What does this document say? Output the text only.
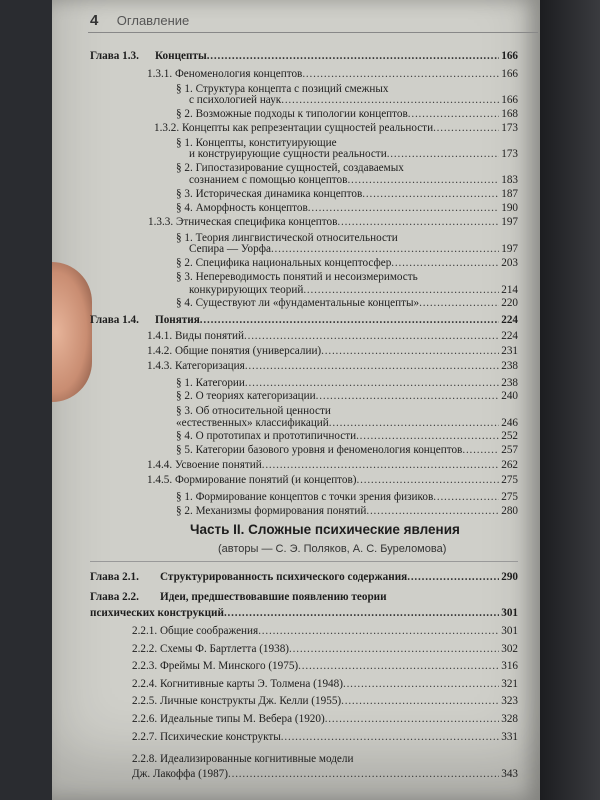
4 Оглавление
Глава 1.3.	Концепты . . .	166
1.3.1. Феноменология концептов . . .	166
§ 1. Структура концепта с позиций смежных
с психологией наук . . .	166
§ 2. Возможные подходы к типологии концептов . . .	168
1.3.2. Концепты как репрезентации сущностей реальности . . .	173
§ 1. Концепты, конституирующие
и конструирующие сущности реальности . . .	173
§ 2. Гипостазирование сущностей, создаваемых
сознанием с помощью концептов . . .	183
§ 3. Историческая динамика концептов . . .	187
§ 4. Аморфность концептов . . .	190
1.3.3. Этническая специфика концептов . . .	197
§ 1. Теория лингвистической относительности
Сепира — Уорфа . . .	197
§ 2. Специфика национальных концептосфер . . .	203
§ 3. Непереводимость понятий и несоизмеримость
конкурирующих теорий . . .	214
§ 4. Существуют ли «фундаментальные концепты» . . .	220
Глава 1.4.	Понятия . . .	224
1.4.1. Виды понятий . . .	224
1.4.2. Общие понятия (универсалии) . . .	231
1.4.3. Категоризация . . .	238
§ 1. Категории . . .	238
§ 2. О теориях категоризации . . .	240
§ 3. Об относительной ценности
«естественных» классификаций . . .	246
§ 4. О прототипах и прототипичности . . .	252
§ 5. Категории базового уровня и феноменология концептов . . .	257
1.4.4. Усвоение понятий . . .	262
1.4.5. Формирование понятий (и концептов) . . .	275
§ 1. Формирование концептов с точки зрения физиков . . .	275
§ 2. Механизмы формирования понятий . . .	280
Часть II. Сложные психические явления
(авторы — С. Э. Поляков, А. С. Бурелом​ова)
Глава 2.1.	Структурированность психического содержания . . .	290
Глава 2.2.	Идеи, предшествовавшие появлению теории
психических конструкций . . .	301
2.2.1. Общие соображения . . .	301
2.2.2. Схемы Ф. Бартлетта (1938) . . .	302
2.2.3. Фреймы М. Минского (1975) . . .	316
2.2.4. Когнитивные карты Э. Толмена (1948) . . .	321
2.2.5. Личные конструкты Дж. Келли (1955) . . .	323
2.2.6. Идеальные типы М. Вебера (1920) . . .	328
2.2.7. Психические конструкты . . .	331
2.2.8. Идеализированные когнитивные модели
Дж. Лакоффа (1987) . . .	343
